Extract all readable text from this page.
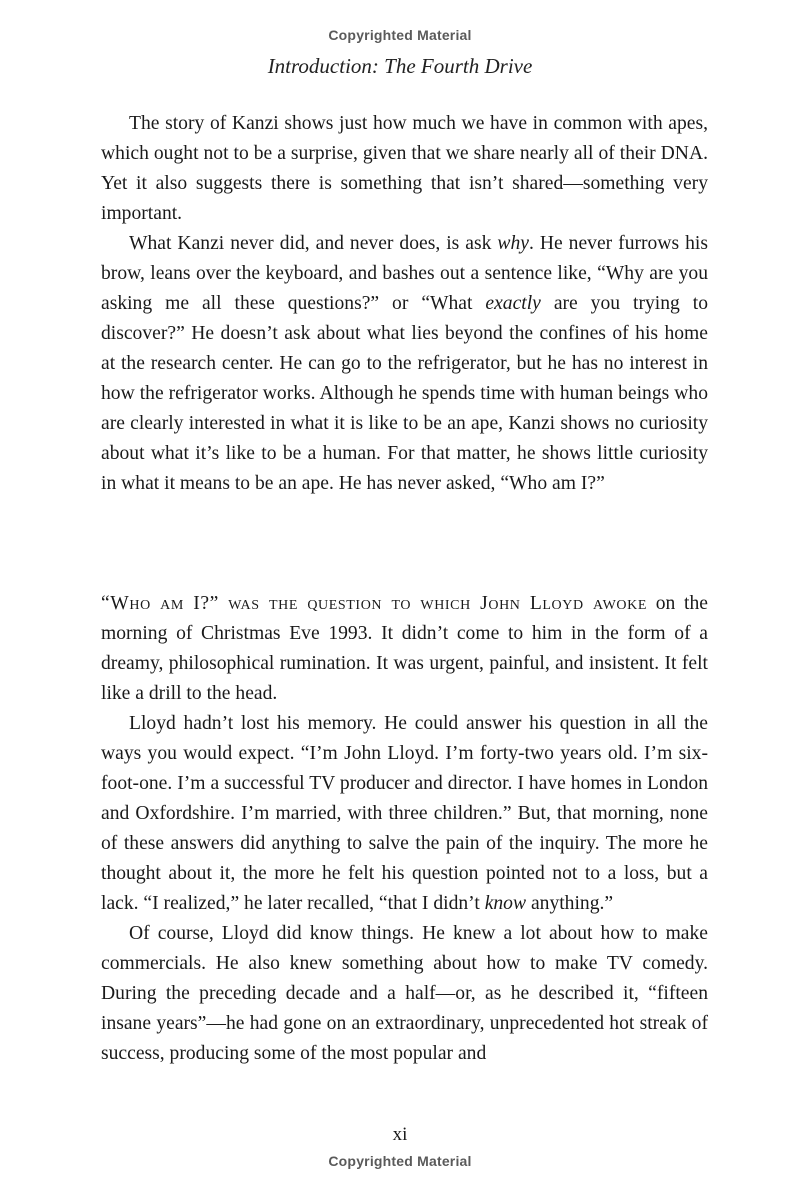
Copyrighted Material
Introduction: The Fourth Drive

The story of Kanzi shows just how much we have in common with apes, which ought not to be a surprise, given that we share nearly all of their DNA. Yet it also suggests there is something that isn’t shared—something very important.

What Kanzi never did, and never does, is ask why. He never furrows his brow, leans over the keyboard, and bashes out a sentence like, “Why are you asking me all these questions?” or “What exactly are you trying to discover?” He doesn’t ask about what lies beyond the confines of his home at the research center. He can go to the refrigerator, but he has no interest in how the refrigerator works. Although he spends time with human beings who are clearly interested in what it is like to be an ape, Kanzi shows no curiosity about what it’s like to be a human. For that matter, he shows little curiosity in what it means to be an ape. He has never asked, “Who am I?”

“Who am I?” was the question to which John Lloyd awoke on the morning of Christmas Eve 1993. It didn’t come to him in the form of a dreamy, philosophical rumination. It was urgent, painful, and insistent. It felt like a drill to the head.

Lloyd hadn’t lost his memory. He could answer his question in all the ways you would expect. “I’m John Lloyd. I’m forty-two years old. I’m six-foot-one. I’m a successful TV producer and director. I have homes in London and Oxfordshire. I’m married, with three children.” But, that morning, none of these answers did anything to salve the pain of the inquiry. The more he thought about it, the more he felt his question pointed not to a loss, but a lack. “I realized,” he later recalled, “that I didn’t know anything.”

Of course, Lloyd did know things. He knew a lot about how to make commercials. He also knew something about how to make TV comedy. During the preceding decade and a half—or, as he described it, “fifteen insane years”—he had gone on an extraordinary, unprecedented hot streak of success, producing some of the most popular and

xi
Copyrighted Material
